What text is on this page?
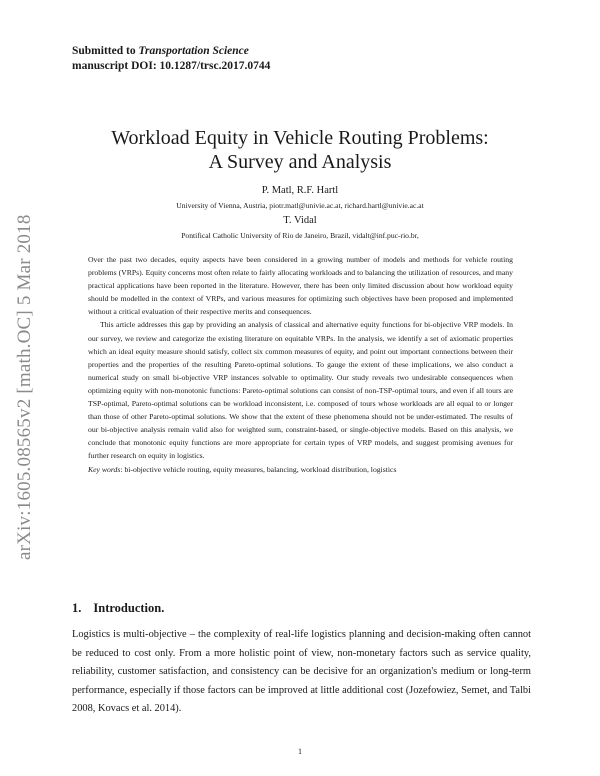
Submitted to Transportation Science
manuscript DOI: 10.1287/trsc.2017.0744
arXiv:1605.08565v2 [math.OC] 5 Mar 2018
Workload Equity in Vehicle Routing Problems:
A Survey and Analysis
P. Matl, R.F. Hartl
University of Vienna, Austria, piotr.matl@univie.ac.at, richard.hartl@univie.ac.at
T. Vidal
Pontifical Catholic University of Rio de Janeiro, Brazil, vidalt@inf.puc-rio.br,

Over the past two decades, equity aspects have been considered in a growing number of models and methods for vehicle routing problems (VRPs). Equity concerns most often relate to fairly allocating workloads and to balancing the utilization of resources, and many practical applications have been reported in the literature. However, there has been only limited discussion about how workload equity should be modelled in the context of VRPs, and various measures for optimizing such objectives have been proposed and implemented without a critical evaluation of their respective merits and consequences.

This article addresses this gap by providing an analysis of classical and alternative equity functions for bi-objective VRP models. In our survey, we review and categorize the existing literature on equitable VRPs. In the analysis, we identify a set of axiomatic properties which an ideal equity measure should satisfy, collect six common measures of equity, and point out important connections between their properties and the properties of the resulting Pareto-optimal solutions. To gauge the extent of these implications, we also conduct a numerical study on small bi-objective VRP instances solvable to optimality. Our study reveals two undesirable consequences when optimizing equity with non-monotonic functions: Pareto-optimal solutions can consist of non-TSP-optimal tours, and even if all tours are TSP-optimal, Pareto-optimal solutions can be workload inconsistent, i.e. composed of tours whose workloads are all equal to or longer than those of other Pareto-optimal solutions. We show that the extent of these phenomena should not be under-estimated. The results of our bi-objective analysis remain valid also for weighted sum, constraint-based, or single-objective models. Based on this analysis, we conclude that monotonic equity functions are more appropriate for certain types of VRP models, and suggest promising avenues for further research on equity in logistics.

Key words: bi-objective vehicle routing, equity measures, balancing, workload distribution, logistics
1. Introduction.
Logistics is multi-objective – the complexity of real-life logistics planning and decision-making often cannot be reduced to cost only. From a more holistic point of view, non-monetary factors such as service quality, reliability, customer satisfaction, and consistency can be decisive for an organization's medium or long-term performance, especially if those factors can be improved at little additional cost (Jozefowiez, Semet, and Talbi 2008, Kovacs et al. 2014).
1
